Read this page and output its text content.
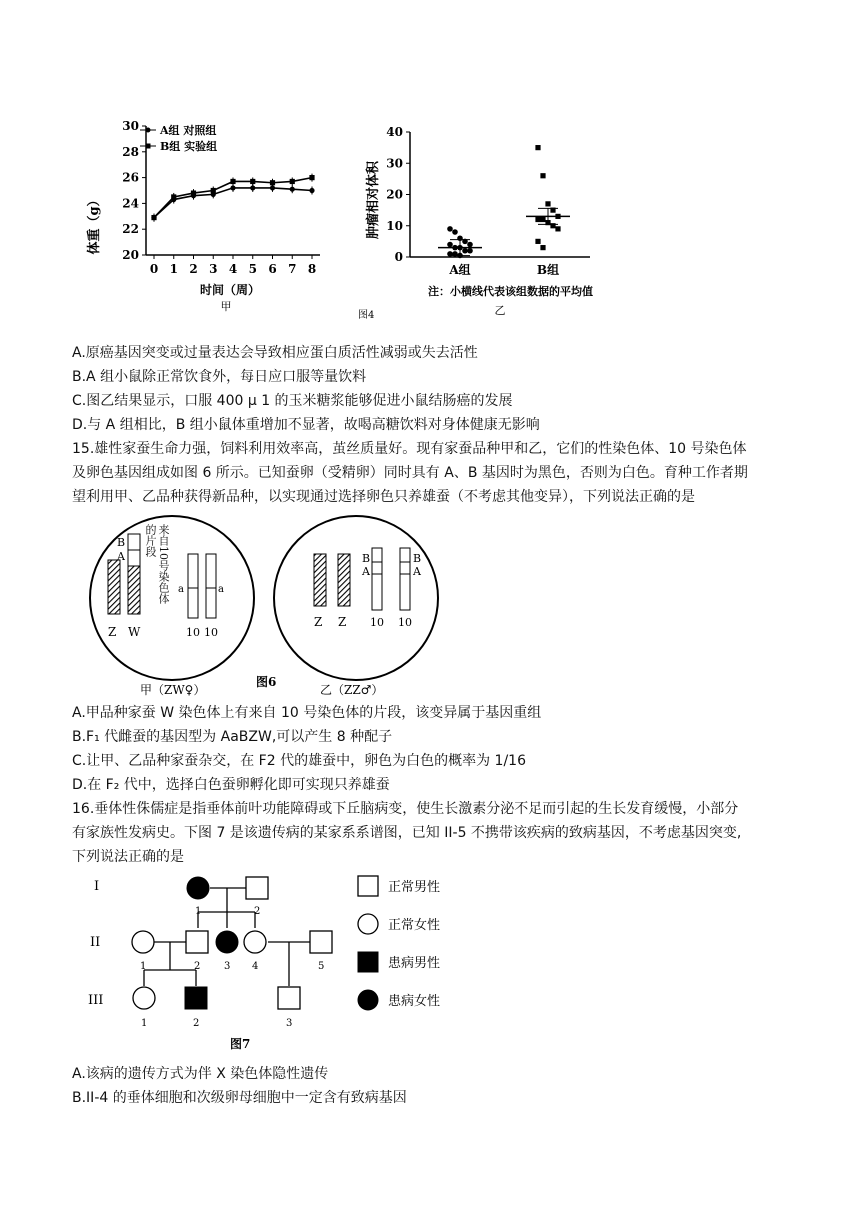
体重（g）
20
22
24
26
28
30
0 1 2 3 4 5 6 7 8
A组 对照组
B组 实验组
时间（周）
甲
图4
肿瘤相对体积
0
10
20
30
40
A组	B组
注：小横线代表该组数据的平均值
乙
A.原癌基因突变或过量表达会导致相应蛋白质活性减弱或失去活性
B.A 组小鼠除正常饮食外，每日应口服等量饮料
C.图乙结果显示，口服 400 μ 1 的玉米糖浆能够促进小鼠结肠癌的发展
D.与 A 组相比，B 组小鼠体重增加不显著，故喝高糖饮料对身体健康无影响
15.雄性家蚕生命力强，饲料利用效率高，茧丝质量好。现有家蚕品种甲和乙，它们的性染色体、10 号染色体
及卵色基因组成如图 6 所示。已知蚕卵（受精卵）同时具有 A、B 基因时为黑色，否则为白色。育种工作者期
望利用甲、乙品种获得新品种，以实现通过选择卵色只养雄蚕（不考虑其他变异），下列说法正确的是
B
A	来自10号染色体的片段
Z W
a	a
10 10
Z Z
B
A
B
A
10 10
甲（ZW♀）	乙（ZZ♂）
图6
A.甲品种家蚕 W 染色体上有来自 10 号染色体的片段，该变异属于基因重组
B.F₁ 代雌蚕的基因型为 AaBZW,可以产生 8 种配子
C.让甲、乙品种家蚕杂交，在 F2 代的雄蚕中，卵色为白色的概率为 1/16
D.在 F₂ 代中，选择白色蚕卵孵化即可实现只养雄蚕
16.垂体性侏儒症是指垂体前叶功能障碍或下丘脑病变，使生长激素分泌不足而引起的生长发育缓慢，小部分
有家族性发病史。下图 7 是该遗传病的某家系系谱图，已知 II-5 不携带该疾病的致病基因，不考虑基因突变,
下列说法正确的是
I
II
III
1	2
1	2 3 4	5
1	2	3
图7
正常男性
正常女性
患病男性
患病女性
A.该病的遗传方式为伴 X 染色体隐性遗传
B.II-4 的垂体细胞和次级卵母细胞中一定含有致病基因
